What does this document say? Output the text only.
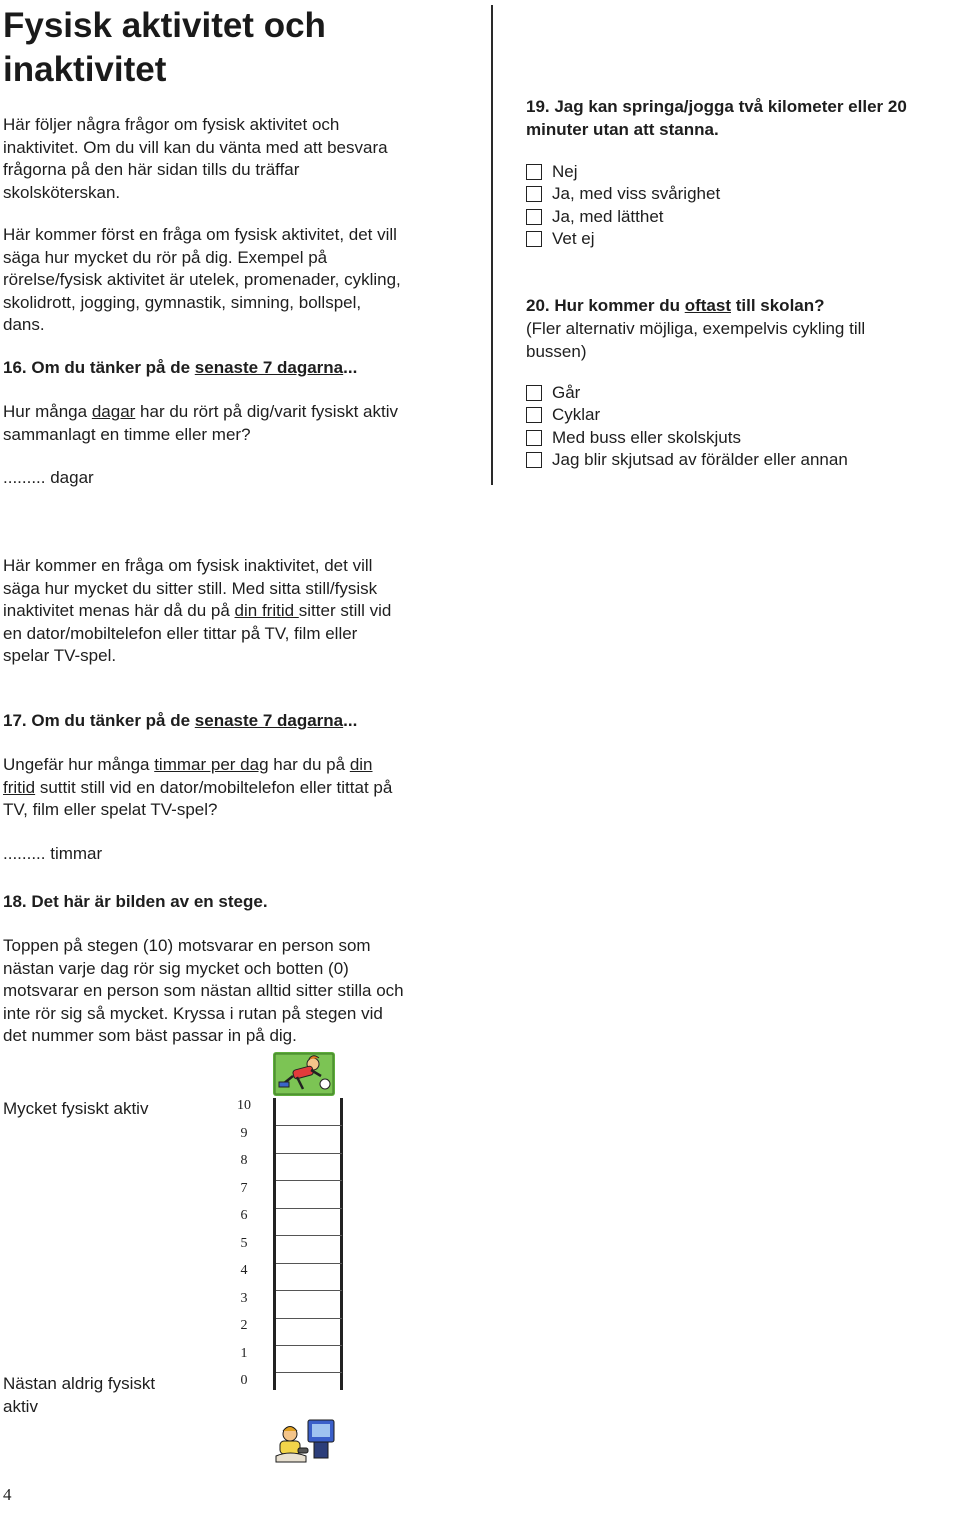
Fysisk aktivitet och
inaktivitet

Här följer några frågor om fysisk aktivitet och
inaktivitet. Om du vill kan du vänta med att besvara
frågorna på den här sidan tills du träffar
skolsköterskan.

Här kommer först en fråga om fysisk aktivitet, det vill
säga hur mycket du rör på dig. Exempel på
rörelse/fysisk aktivitet är utelek, promenader, cykling,
skolidrott, jogging, gymnastik, simning, bollspel,
dans.

16. Om du tänker på de senaste 7 dagarna...

Hur många dagar har du rört på dig/varit fysiskt aktiv
sammanlagt en timme eller mer?

......... dagar

19. Jag kan springa/jogga två kilometer eller 20
minuter utan att stanna.

Nej
Ja, med viss svårighet
Ja, med lätthet
Vet ej

20. Hur kommer du oftast till skolan?

(Fler alternativ möjliga, exempelvis cykling till
bussen)

Går
Cyklar
Med buss eller skolskjuts
Jag blir skjutsad av förälder eller annan

Här kommer en fråga om fysisk inaktivitet, det vill
säga hur mycket du sitter still. Med sitta still/fysisk
inaktivitet menas här då du på din fritid sitter still vid
en dator/mobiltelefon eller tittar på TV, film eller
spelar TV-spel.

17. Om du tänker på de senaste 7 dagarna...

Ungefär hur många timmar per dag har du på din
fritid suttit still vid en dator/mobiltelefon eller tittat på
TV, film eller spelat TV-spel?

......... timmar

18. Det här är bilden av en stege.

Toppen på stegen (10) motsvarar en person som
nästan varje dag rör sig mycket och botten (0)
motsvarar en person som nästan alltid sitter stilla och
inte rör sig så mycket. Kryssa i rutan på stegen vid
det nummer som bäst passar in på dig.

Mycket fysiskt aktiv

Nästan aldrig fysiskt
aktiv

10
9
8
7
6
5
4
3
2
1
0
4
